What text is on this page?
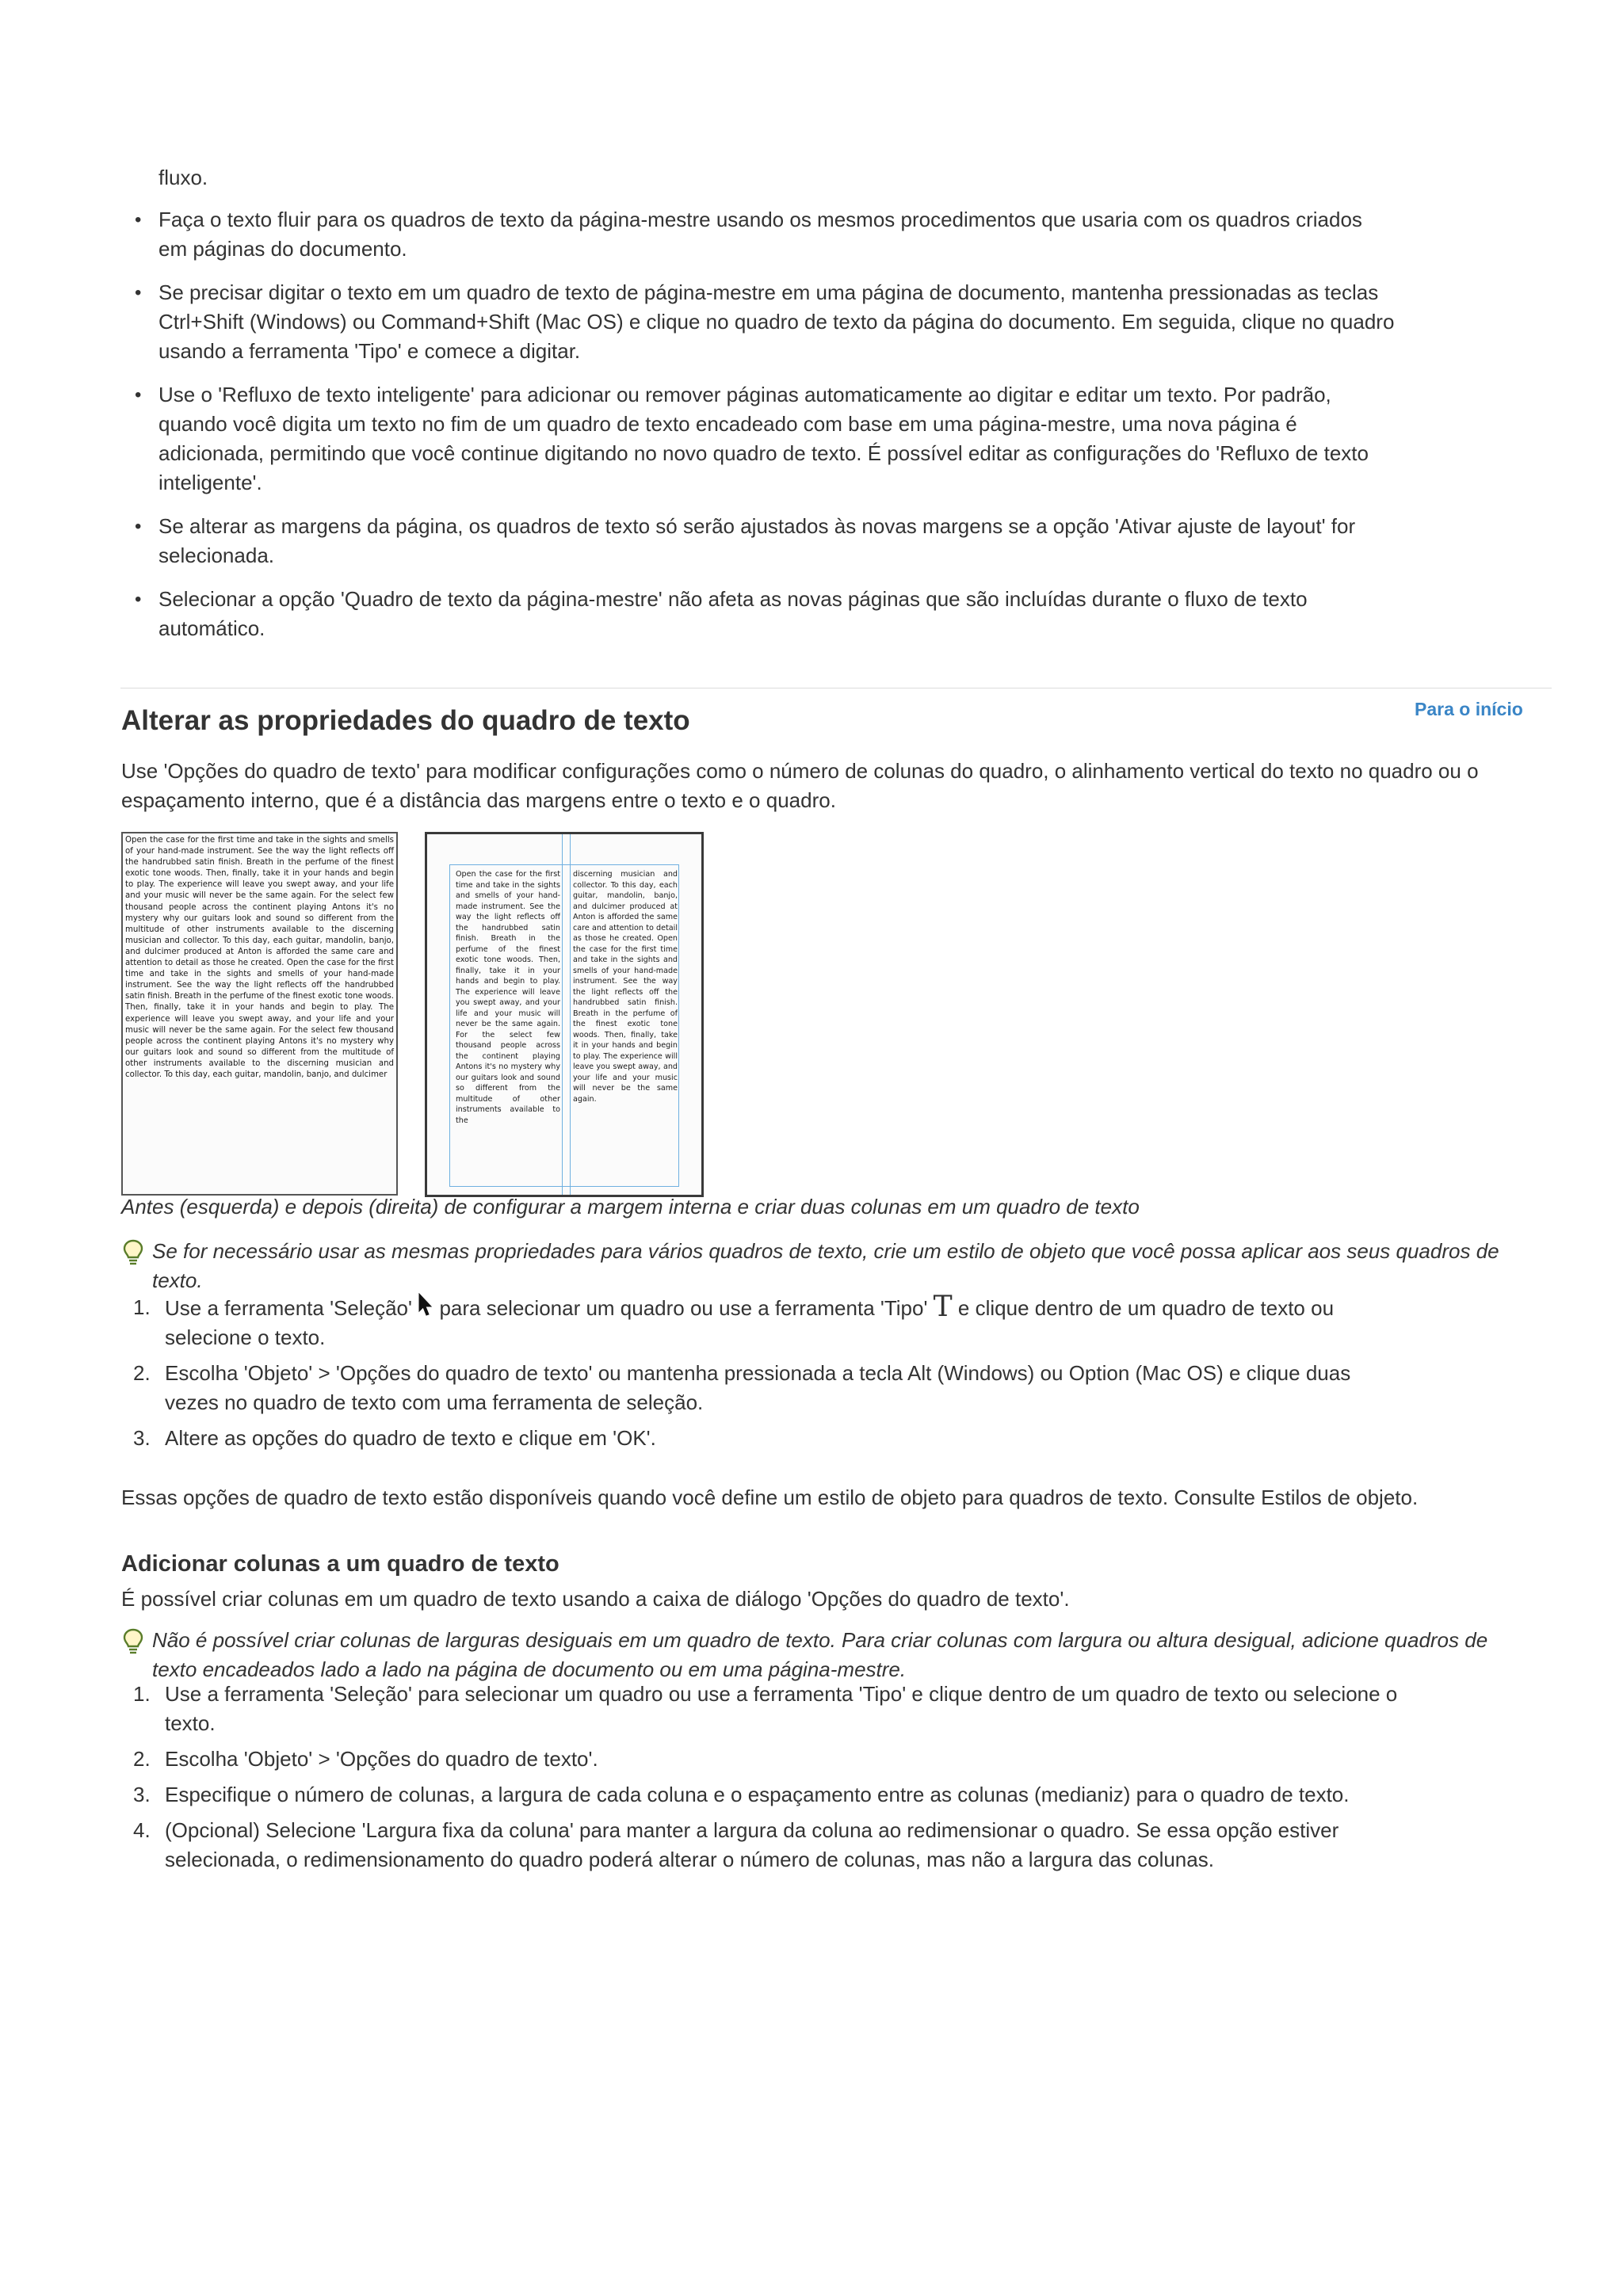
fluxo.
• Faça o texto fluir para os quadros de texto da página-mestre usando os mesmos procedimentos que usaria com os quadros criados em páginas do documento.
• Se precisar digitar o texto em um quadro de texto de página-mestre em uma página de documento, mantenha pressionadas as teclas Ctrl+Shift (Windows) ou Command+Shift (Mac OS) e clique no quadro de texto da página do documento. Em seguida, clique no quadro usando a ferramenta 'Tipo' e comece a digitar.
• Use o 'Refluxo de texto inteligente' para adicionar ou remover páginas automaticamente ao digitar e editar um texto. Por padrão, quando você digita um texto no fim de um quadro de texto encadeado com base em uma página-mestre, uma nova página é adicionada, permitindo que você continue digitando no novo quadro de texto. É possível editar as configurações do 'Refluxo de texto inteligente'.
• Se alterar as margens da página, os quadros de texto só serão ajustados às novas margens se a opção 'Ativar ajuste de layout' for selecionada.
• Selecionar a opção 'Quadro de texto da página-mestre' não afeta as novas páginas que são incluídas durante o fluxo de texto automático.
Para o início
Alterar as propriedades do quadro de texto
Use 'Opções do quadro de texto' para modificar configurações como o número de colunas do quadro, o alinhamento vertical do texto no quadro ou o espaçamento interno, que é a distância das margens entre o texto e o quadro.
Open the case for the first time and take in the sights and smells of your hand-made instrument. See the way the light reflects off the handrubbed satin finish. Breath in the perfume of the finest exotic tone woods. Then, finally, take it in your hands and begin to play. The experience will leave you swept away, and your life and your music will never be the same again. For the select few thousand people across the continent playing Antons it's no mystery why our guitars look and sound so different from the multitude of other instruments available to the discerning musician and collector. To this day, each guitar, mandolin, banjo, and dulcimer produced at Anton is afforded the same care and attention to detail as those he created. Open the case for the first time and take in the sights and smells of your hand-made instrument. See the way the light reflects off the handrubbed satin finish. Breath in the perfume of the finest exotic tone woods. Then, finally, take it in your hands and begin to play. The experience will leave you swept away, and your life and your music will never be the same again. For the select few thousand people across the continent playing Antons it's no mystery why our guitars look and sound so different from the multitude of other instruments available to the discerning musician and collector. To this day, each guitar, mandolin, banjo, and dulcimer
Open the case for the first time and take in the sights and smells of your hand-made instrument. See the way the light reflects off the handrubbed satin finish. Breath in the perfume of the finest exotic tone woods. Then, finally, take it in your hands and begin to play. The experience will leave you swept away, and your life and your music will never be the same again. For the select few thousand people across the continent playing Antons it's no mystery why our guitars look and sound so different from the multitude of other instruments available to the
discerning musician and collector. To this day, each guitar, mandolin, banjo, and dulcimer produced at Anton is afforded the same care and attention to detail as those he created. Open the case for the first time and take in the sights and smells of your hand-made instrument. See the way the light reflects off the handrubbed satin finish. Breath in the perfume of the finest exotic tone woods. Then, finally, take it in your hands and begin to play. The experience will leave you swept away, and your life and your music will never be the same again.
Antes (esquerda) e depois (direita) de configurar a margem interna e criar duas colunas em um quadro de texto
Se for necessário usar as mesmas propriedades para vários quadros de texto, crie um estilo de objeto que você possa aplicar aos seus quadros de texto.
1. Use a ferramenta 'Seleção' para selecionar um quadro ou use a ferramenta 'Tipo' T e clique dentro de um quadro de texto ou selecione o texto.
2. Escolha 'Objeto' > 'Opções do quadro de texto' ou mantenha pressionada a tecla Alt (Windows) ou Option (Mac OS) e clique duas vezes no quadro de texto com uma ferramenta de seleção.
3. Altere as opções do quadro de texto e clique em 'OK'.
Essas opções de quadro de texto estão disponíveis quando você define um estilo de objeto para quadros de texto. Consulte Estilos de objeto.
Adicionar colunas a um quadro de texto
É possível criar colunas em um quadro de texto usando a caixa de diálogo 'Opções do quadro de texto'.
Não é possível criar colunas de larguras desiguais em um quadro de texto. Para criar colunas com largura ou altura desigual, adicione quadros de texto encadeados lado a lado na página de documento ou em uma página-mestre.
1. Use a ferramenta 'Seleção' para selecionar um quadro ou use a ferramenta 'Tipo' e clique dentro de um quadro de texto ou selecione o texto.
2. Escolha 'Objeto' > 'Opções do quadro de texto'.
3. Especifique o número de colunas, a largura de cada coluna e o espaçamento entre as colunas (medianiz) para o quadro de texto.
4. (Opcional) Selecione 'Largura fixa da coluna' para manter a largura da coluna ao redimensionar o quadro. Se essa opção estiver selecionada, o redimensionamento do quadro poderá alterar o número de colunas, mas não a largura das colunas.
